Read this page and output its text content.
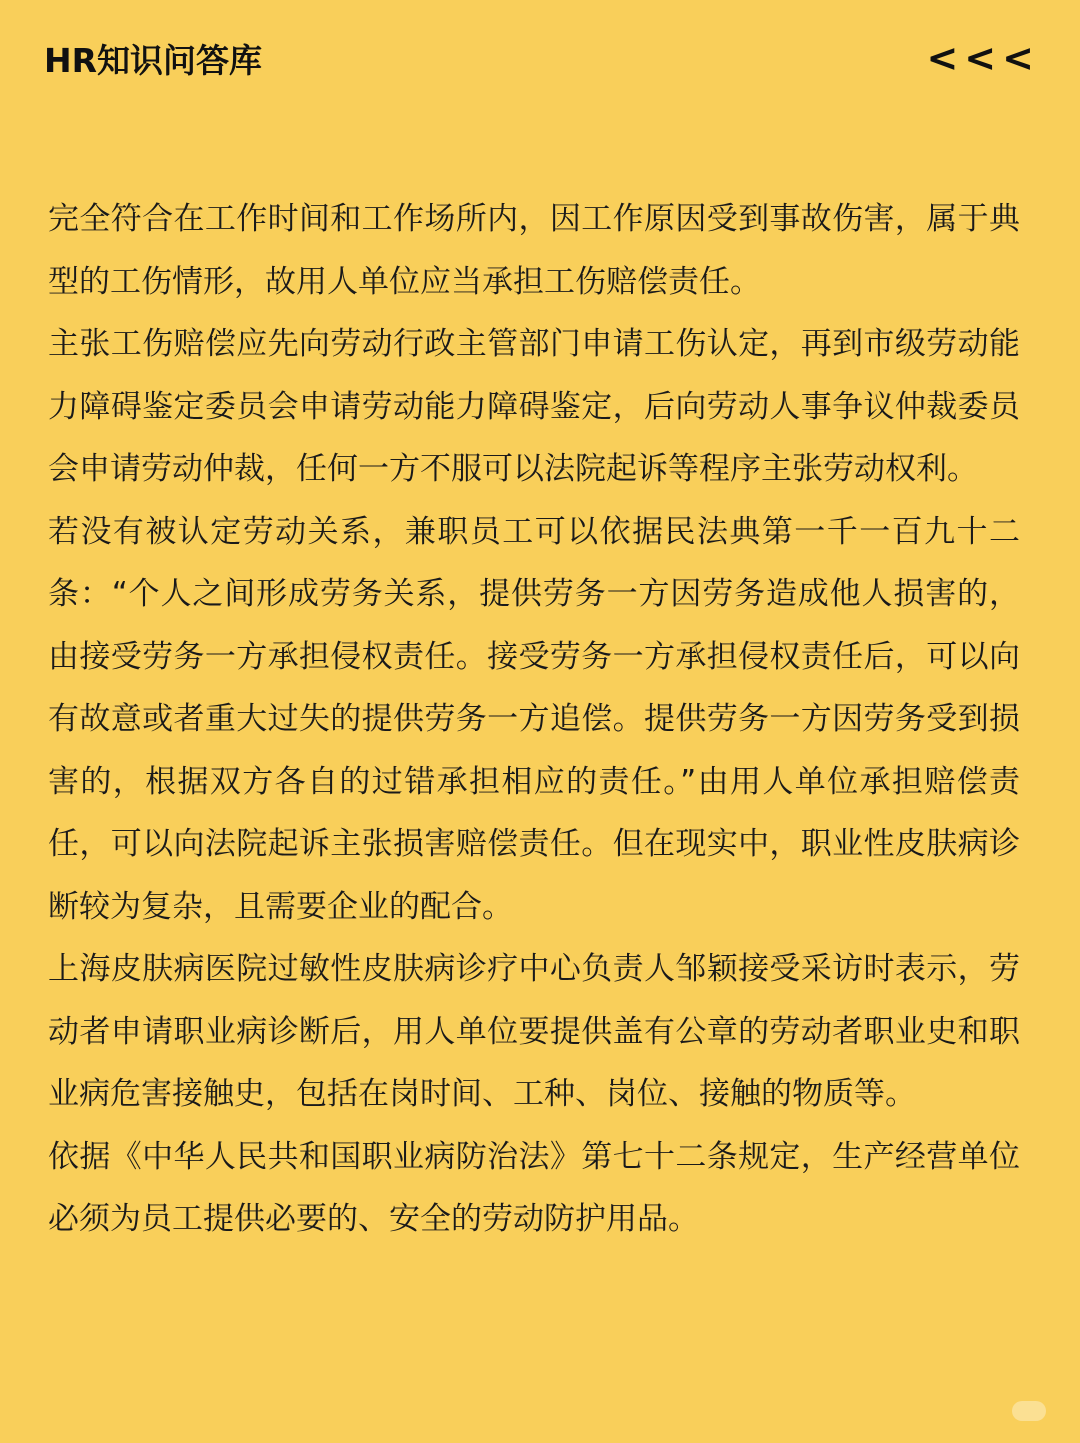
HR知识问答库	<<<

完全符合在工作时间和工作场所内，因工作原因受到事故伤害，属于典型的工伤情形，故用人单位应当承担工伤赔偿责任。

主张工伤赔偿应先向劳动行政主管部门申请工伤认定，再到市级劳动能力障碍鉴定委员会申请劳动能力障碍鉴定，后向劳动人事争议仲裁委员会申请劳动仲裁，任何一方不服可以法院起诉等程序主张劳动权利。

若没有被认定劳动关系，兼职员工可以依据民法典第一千一百九十二条：“个人之间形成劳务关系，提供劳务一方因劳务造成他人损害的，由接受劳务一方承担侵权责任。接受劳务一方承担侵权责任后，可以向有故意或者重大过失的提供劳务一方追偿。提供劳务一方因劳务受到损害的，根据双方各自的过错承担相应的责任。”由用人单位承担赔偿责任，可以向法院起诉主张损害赔偿责任。但在现实中，职业性皮肤病诊断较为复杂，且需要企业的配合。

上海皮肤病医院过敏性皮肤病诊疗中心负责人邹颖接受采访时表示，劳动者申请职业病诊断后，用人单位要提供盖有公章的劳动者职业史和职业病危害接触史，包括在岗时间、工种、岗位、接触的物质等。

依据《中华人民共和国职业病防治法》第七十二条规定，生产经营单位必须为员工提供必要的、安全的劳动防护用品。
